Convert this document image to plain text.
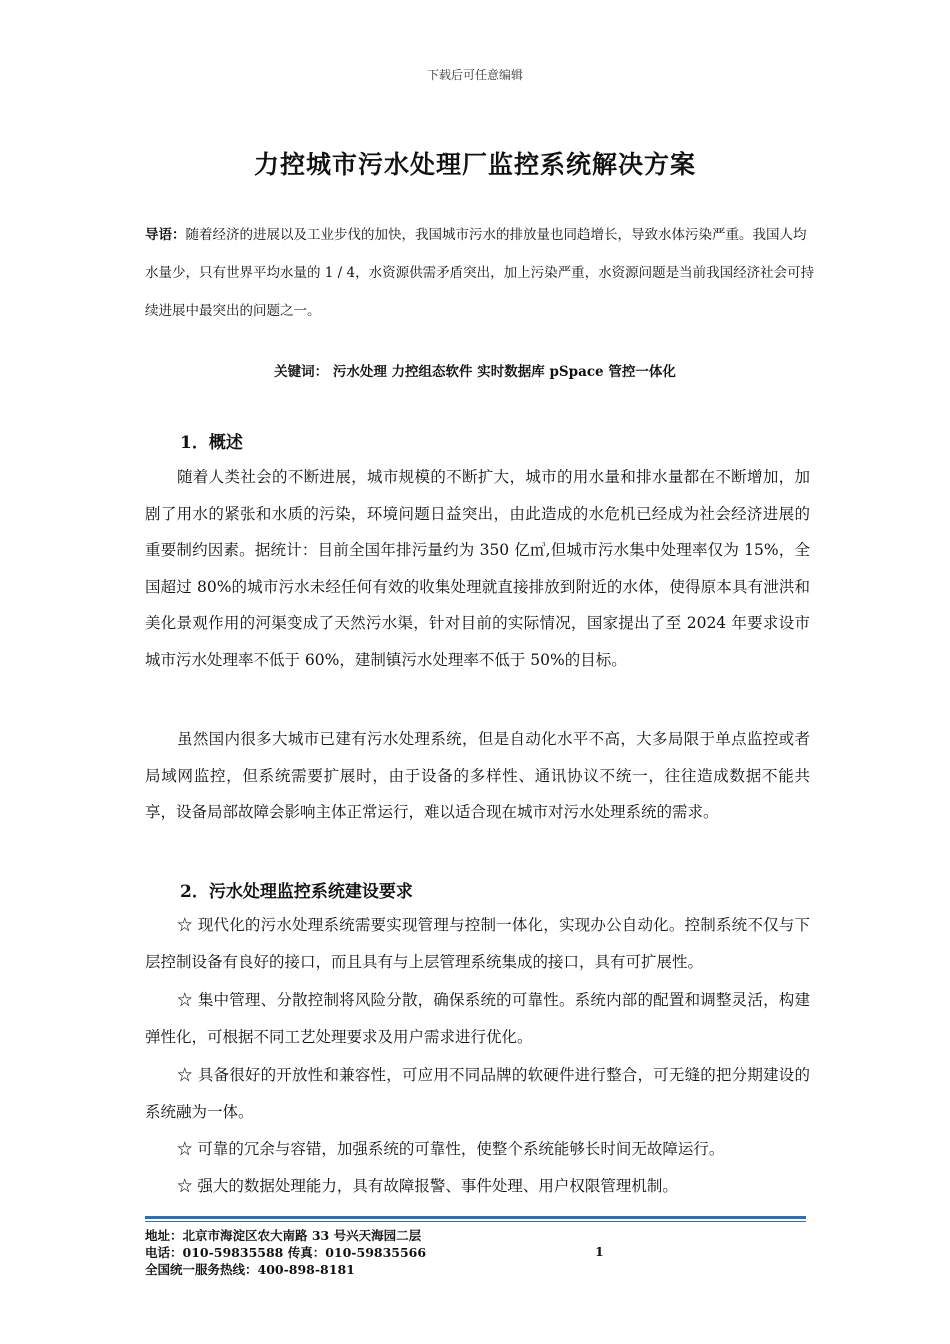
下载后可任意编辑
力控城市污水处理厂监控系统解决方案
导语：随着经济的进展以及工业步伐的加快，我国城市污水的排放量也同趋增长，导致水体污染严重。我国人均水量少，只有世界平均水量的 1 / 4，水资源供需矛盾突出，加上污染严重，水资源问题是当前我国经济社会可持续进展中最突出的问题之一。
关键词： 污水处理 力控组态软件 实时数据库 pSpace 管控一体化
1．概述
随着人类社会的不断进展，城市规模的不断扩大，城市的用水量和排水量都在不断增加，加剧了用水的紧张和水质的污染，环境问题日益突出，由此造成的水危机已经成为社会经济进展的重要制约因素。据统计：目前全国年排污量约为 350 亿㎥,但城市污水集中处理率仅为 15%，全国超过 80%的城市污水未经任何有效的收集处理就直接排放到附近的水体，使得原本具有泄洪和美化景观作用的河渠变成了天然污水渠，针对目前的实际情况，国家提出了至 2024 年要求设市城市污水处理率不低于 60%，建制镇污水处理率不低于 50%的目标。
虽然国内很多大城市已建有污水处理系统，但是自动化水平不高，大多局限于单点监控或者局域网监控，但系统需要扩展时，由于设备的多样性、通讯协议不统一，往往造成数据不能共享，设备局部故障会影响主体正常运行，难以适合现在城市对污水处理系统的需求。
2．污水处理监控系统建设要求
☆ 现代化的污水处理系统需要实现管理与控制一体化，实现办公自动化。控制系统不仅与下层控制设备有良好的接口，而且具有与上层管理系统集成的接口，具有可扩展性。
☆ 集中管理、分散控制将风险分散，确保系统的可靠性。系统内部的配置和调整灵活，构建弹性化，可根据不同工艺处理要求及用户需求进行优化。
☆ 具备很好的开放性和兼容性，可应用不同品牌的软硬件进行整合，可无缝的把分期建设的系统融为一体。
☆ 可靠的冗余与容错，加强系统的可靠性，使整个系统能够长时间无故障运行。
☆ 强大的数据处理能力，具有故障报警、事件处理、用户权限管理机制。
地址：北京市海淀区农大南路 33 号兴天海园二层
电话：010-59835588 传真：010-59835566
全国统一服务热线：400-898-8181
1
